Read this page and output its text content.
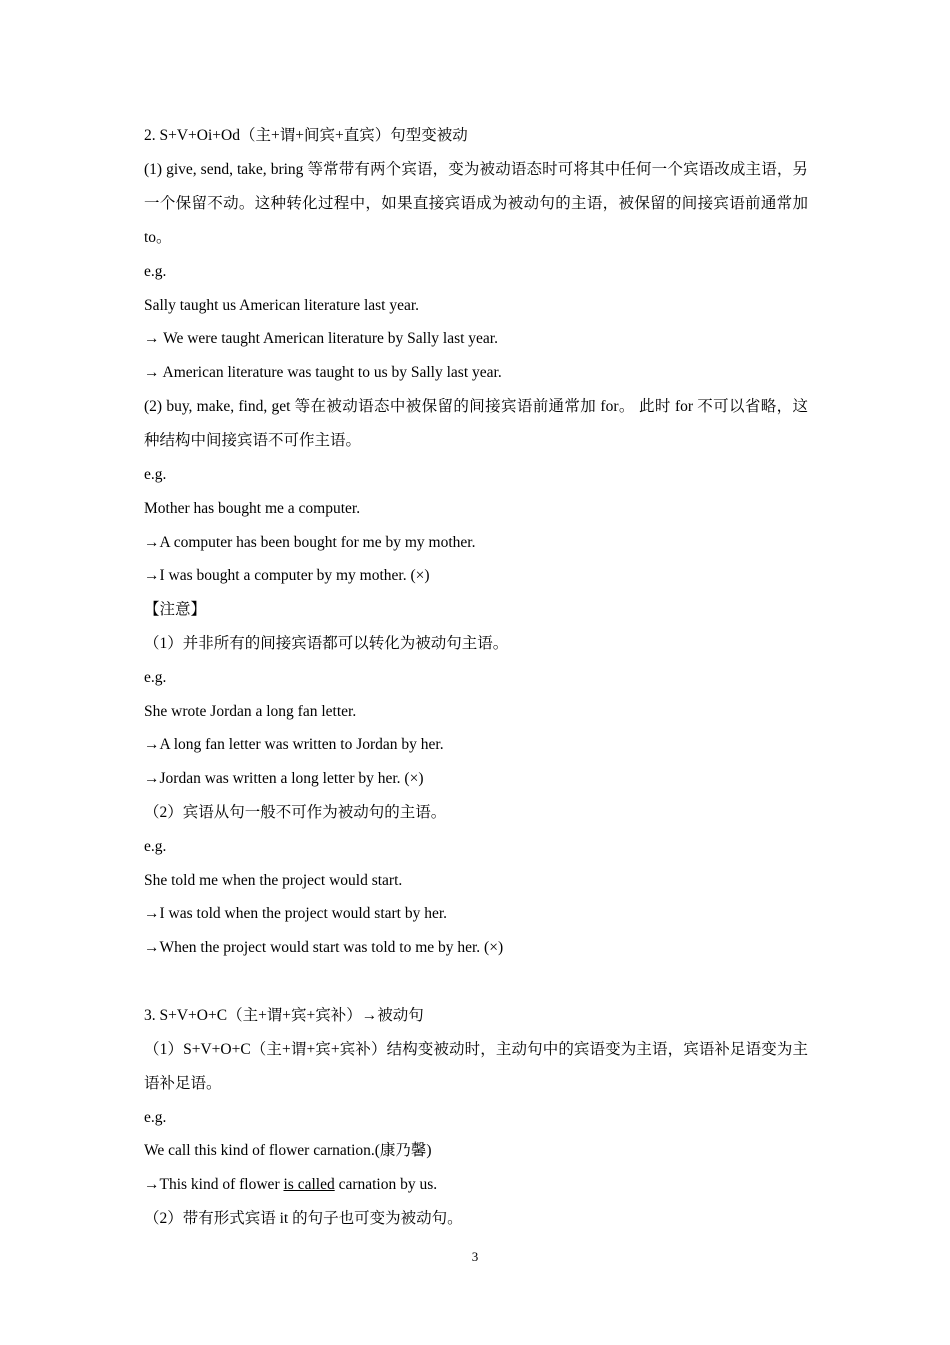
2. S+V+Oi+Od（主+谓+间宾+直宾）句型变被动
(1) give, send, take, bring 等常带有两个宾语，变为被动语态时可将其中任何一个宾语改成主语，另一个保留不动。这种转化过程中，如果直接宾语成为被动句的主语，被保留的间接宾语前通常加 to。
e.g.
Sally taught us American literature last year.
→ We were taught American literature by Sally last year.
→ American literature was taught to us by Sally last year.
(2) buy, make, find, get 等在被动语态中被保留的间接宾语前通常加 for。 此时 for 不可以省略，这种结构中间接宾语不可作主语。
e.g.
Mother has bought me a computer.
→A computer has been bought for me by my mother.
→I was bought a computer by my mother. (×)
【注意】
（1）并非所有的间接宾语都可以转化为被动句主语。
e.g.
She wrote Jordan a long fan letter.
→A long fan letter was written to Jordan by her.
→Jordan was written a long letter by her. (×)
（2）宾语从句一般不可作为被动句的主语。
e.g.
She told me when the project would start.
→I was told when the project would start by her.
→When the project would start was told to me by her. (×)
3. S+V+O+C（主+谓+宾+宾补）→被动句
（1）S+V+O+C（主+谓+宾+宾补）结构变被动时，主动句中的宾语变为主语，宾语补足语变为主语补足语。
e.g.
We call this kind of flower carnation.(康乃馨)
→This kind of flower is called carnation by us.
（2）带有形式宾语 it 的句子也可变为被动句。
3
